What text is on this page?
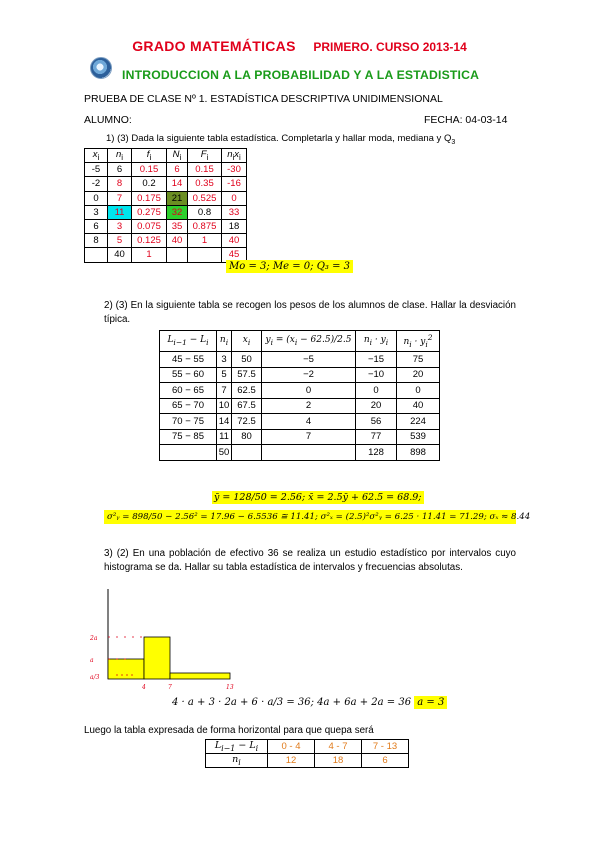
GRADO MATEMÁTICAS PRIMERO. CURSO 2013-14
INTRODUCCION A LA PROBABILIDAD Y A LA ESTADISTICA
PRUEBA DE CLASE Nº 1. ESTADÍSTICA DESCRIPTIVA UNIDIMENSIONAL
ALUMNO:	FECHA: 04-03-14
1) (3) Dada la siguiente tabla estadística. Completarla y hallar moda, mediana y $Q_3$
$x_i$	$n_i$	$f_i$	$N_i$	$F_i$	$n_ix_i$
-5	6	0.15	6	0.15	-30
-2	8	0.2	14	0.35	-16
0	7	0.175	21	0.525	0
3	11	0.275	32	0.8	33
6	3	0.075	35	0.875	18
8	5	0.125	40	1	40
	40	1			45
Mo = 3; Me = 0; Q₃ = 3
2) (3) En la siguiente tabla se recogen los pesos de los alumnos de clase. Hallar la desviación típica.
$L_{i-1} - L_i$	$n_i$	$x_i$	$y_i = (x_i - 62.5)/2.5$	$n_i \cdot y_i$	$n_i \cdot y_i^2$
45 − 55	3	50	−5	−15	75
55 − 60	5	57.5	−2	−10	20
60 − 65	7	62.5	0	0	0
65 − 70	10	67.5	2	20	40
70 − 75	14	72.5	4	56	224
75 − 85	11	80	7	77	539
	50			128	898
ȳ = 128/50 = 2.56; x̄ = 2.5ȳ + 62.5 = 68.9;
σ²ᵧ = 898/50 − 2.56² = 17.96 − 6.5536 ≅ 11.41; σ²ₓ = (2.5)²σ²ᵧ = 6.25 · 11.41 = 71.29; σₓ ≈ 8.44
3) (2) En una población de efectivo 36 se realiza un estudio estadístico por intervalos cuyo histograma se da. Hallar su tabla estadística de intervalos y frecuencias absolutas.
2a
a
a/3
4	7	13
4 · a + 3 · 2a + 6 · a/3 = 36; 4a + 6a + 2a = 36 a = 3
Luego la tabla expresada de forma horizontal para que quepa será
$L_{i-1} - L_i$	0 - 4	4 - 7	7 - 13
$n_i$	12	18	6
